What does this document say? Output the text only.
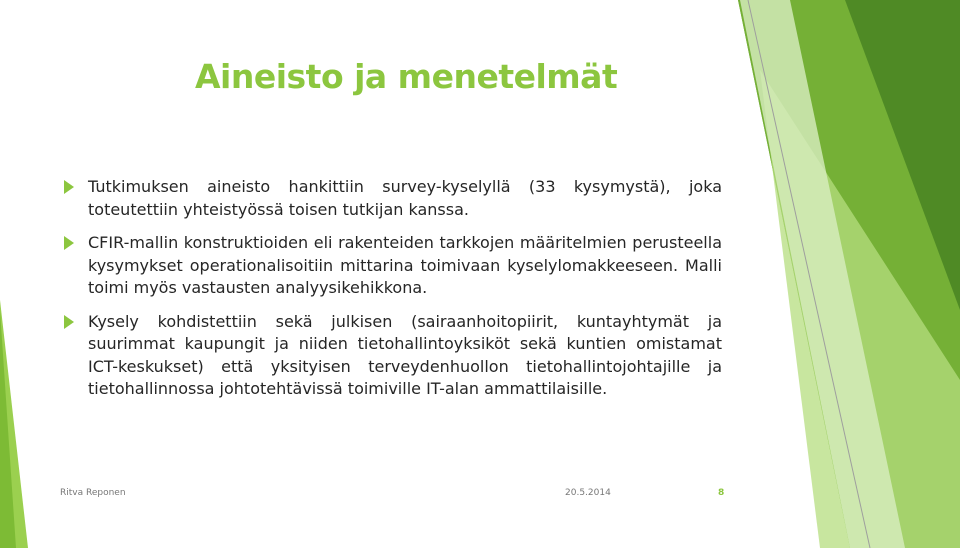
Aineisto ja menetelmät
Tutkimuksen aineisto hankittiin survey-kyselyllä (33 kysymystä), joka toteutettiin yhteistyössä toisen tutkijan kanssa.
CFIR-mallin konstruktioiden eli rakenteiden tarkkojen määritelmien perusteella kysymykset operationalisoitiin mittarina toimivaan kyselylomakkeeseen. Malli toimi myös vastausten analyysikehikkona.
Kysely kohdistettiin sekä julkisen (sairaanhoitopiirit, kuntayhtymät ja suurimmat kaupungit ja niiden tietohallintoyksiköt sekä kuntien omistamat ICT-keskukset) että yksityisen terveydenhuollon tietohallintojohtajille ja tietohallinnossa johtotehtävissä toimiville IT-alan ammattilaisille.
Ritva Reponen	20.5.2014	8
